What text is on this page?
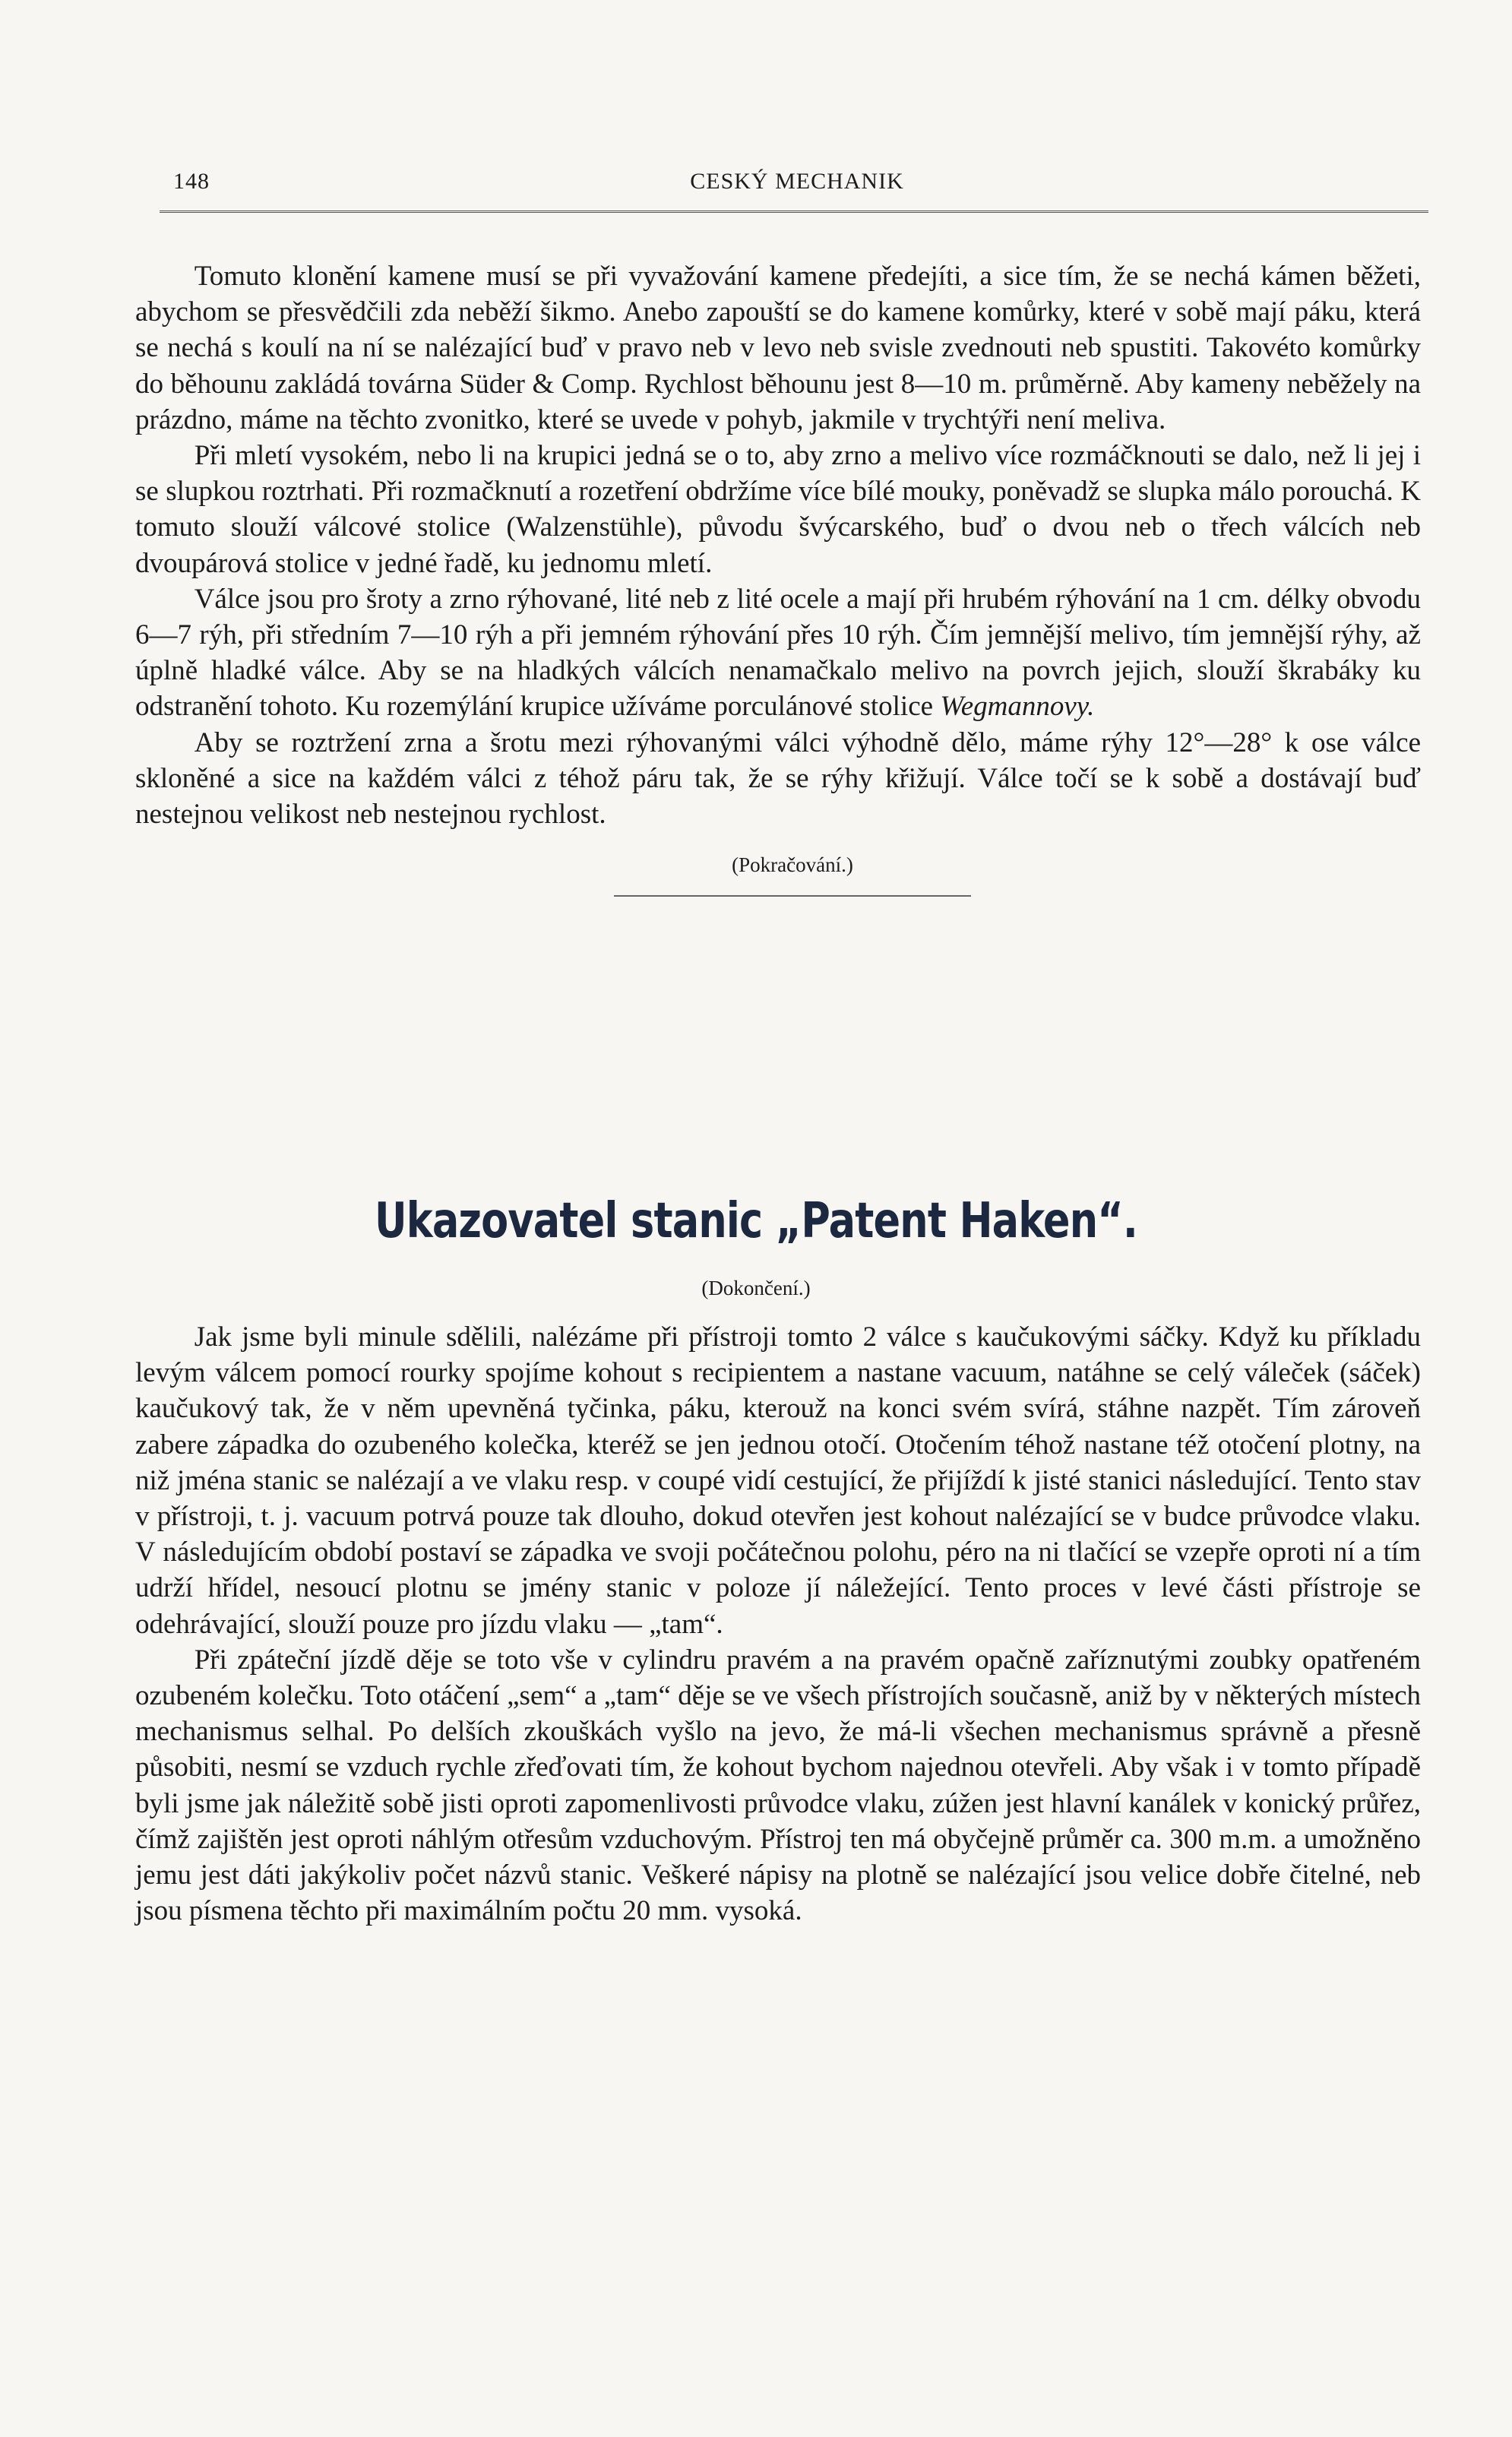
148	CESKÝ MECHANIK

Tomuto klonění kamene musí se při vyvažování kamene předejíti, a sice tím, že se nechá kámen běžeti, abychom se přesvědčili zda neběží šikmo. Anebo zapouští se do kamene komůrky, které v sobě mají páku, která se nechá s koulí na ní se nalézající buď v pravo neb v levo neb svisle zvednouti neb spustiti. Takovéto komůrky do běhounu zakládá továrna Süder & Comp. Rychlost běhounu jest 8—10 m. průměrně. Aby kameny neběžely na prázdno, máme na těchto zvonitko, které se uvede v pohyb, jakmile v trychtýři není meliva.

Při mletí vysokém, nebo li na krupici jedná se o to, aby zrno a melivo více rozmáčknouti se dalo, než li jej i se slupkou roztrhati. Při rozmačknutí a rozetření obdržíme více bílé mouky, poněvadž se slupka málo porouchá. K tomuto slouží válcové stolice (Walzenstühle), původu švýcarského, buď o dvou neb o třech válcích neb dvoupárová stolice v jedné řadě, ku jednomu mletí.

Válce jsou pro šroty a zrno rýhované, lité neb z lité ocele a mají při hrubém rýhování na 1 cm. délky obvodu 6—7 rýh, při středním 7—10 rýh a při jemném rýhování přes 10 rýh. Čím jemnější melivo, tím jemnější rýhy, až úplně hladké válce. Aby se na hladkých válcích nenamačkalo melivo na povrch jejich, slouží škrabáky ku odstranění tohoto. Ku rozemýlání krupice užíváme porculánové stolice Wegmannovy.

Aby se roztržení zrna a šrotu mezi rýhovanými válci výhodně dělo, máme rýhy 12°—28° k ose válce skloněné a sice na každém válci z téhož páru tak, že se rýhy křižují. Válce točí se k sobě a dostávají buď nestejnou velikost neb nestejnou rychlost.

(Pokračování.)
Ukazovatel stanic „Patent Haken“.
(Dokončení.)

Jak jsme byli minule sdělili, nalézáme při přístroji tomto 2 válce s kaučukovými sáčky. Když ku příkladu levým válcem pomocí rourky spojíme kohout s recipientem a nastane vacuum, natáhne se celý váleček (sáček) kaučukový tak, že v něm upevněná tyčinka, páku, kterouž na konci svém svírá, stáhne nazpět. Tím zároveň zabere západka do ozubeného kolečka, kteréž se jen jednou otočí. Otočením téhož nastane též otočení plotny, na niž jména stanic se nalézají a ve vlaku resp. v coupé vidí cestující, že přijíždí k jisté stanici následující. Tento stav v přístroji, t. j. vacuum potrvá pouze tak dlouho, dokud otevřen jest kohout nalézající se v budce průvodce vlaku. V následujícím období postaví se západka ve svoji počátečnou polohu, péro na ni tlačící se vzepře oproti ní a tím udrží hřídel, nesoucí plotnu se jmény stanic v poloze jí náležející. Tento proces v levé části přístroje se odehrávající, slouží pouze pro jízdu vlaku — „tam“.

Při zpáteční jízdě děje se toto vše v cylindru pravém a na pravém opačně zaříznutými zoubky opatřeném ozubeném kolečku. Toto otáčení „sem“ a „tam“ děje se ve všech přístrojích současně, aniž by v některých místech mechanismus selhal. Po delších zkouškách vyšlo na jevo, že má-li všechen mechanismus správně a přesně působiti, nesmí se vzduch rychle zřeďovati tím, že kohout bychom najednou otevřeli. Aby však i v tomto případě byli jsme jak náležitě sobě jisti oproti zapomenlivosti průvodce vlaku, zúžen jest hlavní kanálek v konický průřez, čímž zajištěn jest oproti náhlým otřesům vzduchovým. Přístroj ten má obyčejně průměr ca. 300 m.m. a umožněno jemu jest dáti jakýkoliv počet názvů stanic. Veškeré nápisy na plotně se nalézající jsou velice dobře čitelné, neb jsou písmena těchto při maximálním počtu 20 mm. vysoká.
